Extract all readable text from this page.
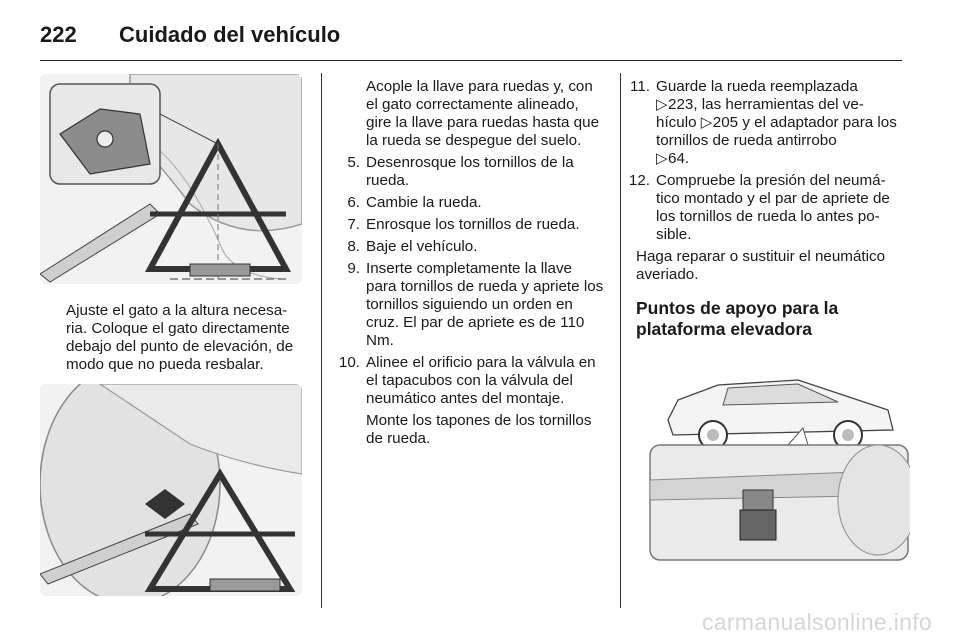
222 Cuidado del vehículo
Ajuste el gato a la altura necesa-ria. Coloque el gato directamente debajo del punto de elevación, de modo que no pueda resbalar.
Acople la llave para ruedas y, con el gato correctamente alineado, gire la llave para ruedas hasta que la rueda se despegue del suelo.
5. Desenrosque los tornillos de la rueda.
6. Cambie la rueda.
7. Enrosque los tornillos de rueda.
8. Baje el vehículo.
9. Inserte completamente la llave para tornillos de rueda y apriete los tornillos siguiendo un orden en cruz. El par de apriete es de 110 Nm.
10. Alinee el orificio para la válvula en el tapacubos con la válvula del neumático antes del montaje.
Monte los tapones de los tornillos de rueda.
11. Guarde la rueda reemplazada
▷223, las herramientas del ve-hículo ▷205 y el adaptador para los tornillos de rueda antirrobo
▷64.
12. Compruebe la presión del neumá-tico montado y el par de apriete de los tornillos de rueda lo antes po-sible.
Haga reparar o sustituir el neumático averiado.
Puntos de apoyo para la plataforma elevadora
carmanualsonline.info
